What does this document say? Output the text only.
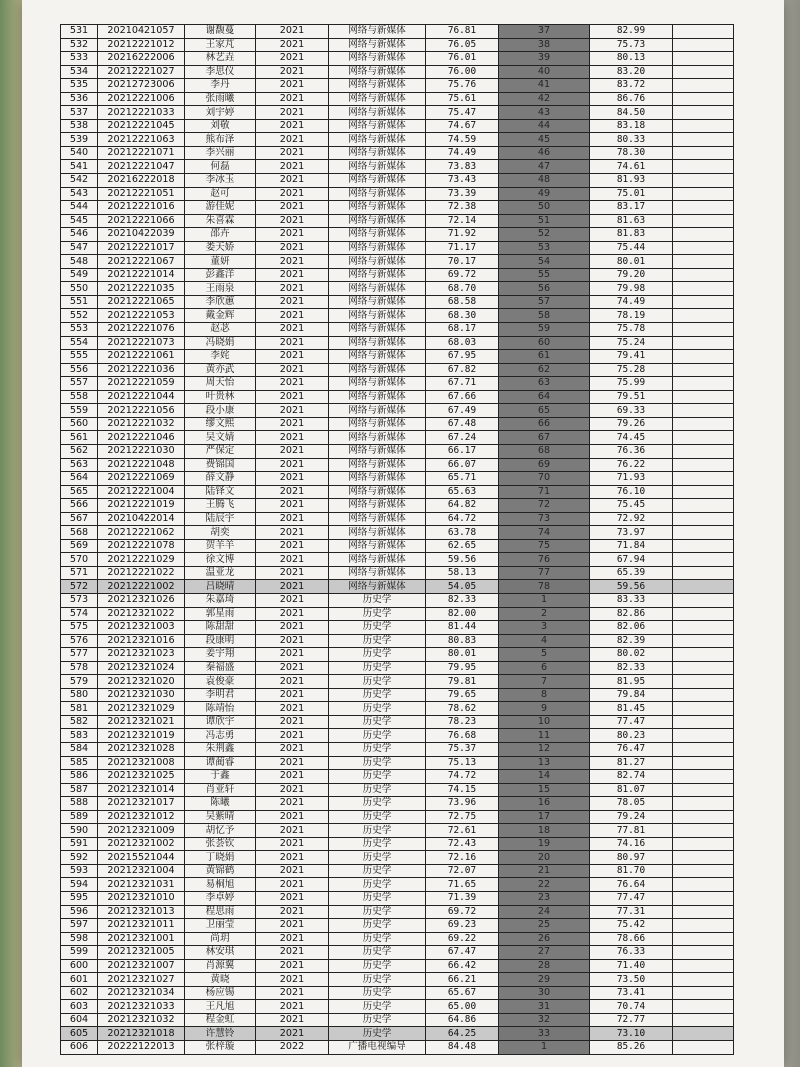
531	20210421057	谢馥蔓	2021	网络与新媒体	76.81	37	82.99	
532	20212221012	王家芃	2021	网络与新媒体	76.05	38	75.73	
533	20216222006	林艺垚	2021	网络与新媒体	76.01	39	80.13	
534	20212221027	李思仪	2021	网络与新媒体	76.00	40	83.20	
535	20212723006	李丹	2021	网络与新媒体	75.76	41	83.72	
536	20212221006	张雨曦	2021	网络与新媒体	75.61	42	86.76	
537	20212221033	刘宇婷	2021	网络与新媒体	75.47	43	84.50	
538	20212221045	刘敬	2021	网络与新媒体	74.67	44	83.18	
539	20212221063	熊布泽	2021	网络与新媒体	74.59	45	80.33	
540	20212221071	李兴丽	2021	网络与新媒体	74.49	46	78.30	
541	20212221047	何磊	2021	网络与新媒体	73.83	47	74.61	
542	20216222018	李冰玉	2021	网络与新媒体	73.43	48	81.93	
543	20212221051	赵可	2021	网络与新媒体	73.39	49	75.01	
544	20212221016	游佳妮	2021	网络与新媒体	72.38	50	83.17	
545	20212221066	朱喜霖	2021	网络与新媒体	72.14	51	81.63	
546	20210422039	邵卉	2021	网络与新媒体	71.92	52	81.83	
547	20212221017	娄天娇	2021	网络与新媒体	71.17	53	75.44	
548	20212221067	董妍	2021	网络与新媒体	70.17	54	80.01	
549	20212221014	彭鑫洋	2021	网络与新媒体	69.72	55	79.20	
550	20212221035	王雨泉	2021	网络与新媒体	68.70	56	79.98	
551	20212221065	李欣蕙	2021	网络与新媒体	68.58	57	74.49	
552	20212221053	戴金辉	2021	网络与新媒体	68.30	58	78.19	
553	20212221076	赵苾	2021	网络与新媒体	68.17	59	75.78	
554	20212221073	冯晓娟	2021	网络与新媒体	68.03	60	75.24	
555	20212221061	李姹	2021	网络与新媒体	67.95	61	79.41	
556	20212221036	黄亦武	2021	网络与新媒体	67.82	62	75.28	
557	20212221059	周天怡	2021	网络与新媒体	67.71	63	75.99	
558	20212221044	叶贵林	2021	网络与新媒体	67.66	64	79.51	
559	20212221056	段小康	2021	网络与新媒体	67.49	65	69.33	
560	20212221032	缪文熙	2021	网络与新媒体	67.48	66	79.26	
561	20212221046	吴文婧	2021	网络与新媒体	67.24	67	74.45	
562	20212221030	严保定	2021	网络与新媒体	66.17	68	76.36	
563	20212221048	费锦国	2021	网络与新媒体	66.07	69	76.22	
564	20212221069	薛文静	2021	网络与新媒体	65.71	70	71.93	
565	20212221004	陆铎文	2021	网络与新媒体	65.63	71	76.10	
566	20212221019	王腾飞	2021	网络与新媒体	64.82	72	75.45	
567	20210422014	陆辰宇	2021	网络与新媒体	64.72	73	72.92	
568	20212221062	胡奕	2021	网络与新媒体	63.78	74	73.97	
569	20212221078	贺羊羊	2021	网络与新媒体	62.65	75	71.84	
570	20212221029	徐文博	2021	网络与新媒体	59.56	76	67.94	
571	20212221022	温亚龙	2021	网络与新媒体	58.13	77	65.39	
572	20212221002	吕晓晴	2021	网络与新媒体	54.05	78	59.56	
573	20212321026	朱嘉琦	2021	历史学	82.33	1	83.33	
574	20212321022	郭星雨	2021	历史学	82.00	2	82.86	
575	20212321003	陈甜甜	2021	历史学	81.44	3	82.06	
576	20212321016	段康明	2021	历史学	80.83	4	82.39	
577	20212321023	姜宇翔	2021	历史学	80.01	5	80.02	
578	20212321024	秦福盛	2021	历史学	79.95	6	82.33	
579	20212321020	袁俊豪	2021	历史学	79.81	7	81.95	
580	20212321030	李明君	2021	历史学	79.65	8	79.84	
581	20212321029	陈靖怡	2021	历史学	78.62	9	81.45	
582	20212321021	谭欣宇	2021	历史学	78.23	10	77.47	
583	20212321019	冯志勇	2021	历史学	76.68	11	80.23	
584	20212321028	朱荆鑫	2021	历史学	75.37	12	76.47	
585	20212321008	谭蔺睿	2021	历史学	75.13	13	81.27	
586	20212321025	于鑫	2021	历史学	74.72	14	82.74	
587	20212321014	肖亚轩	2021	历史学	74.15	15	81.07	
588	20212321017	陈曦	2021	历史学	73.96	16	78.05	
589	20212321012	吴紫晴	2021	历史学	72.75	17	79.24	
590	20212321009	胡忆予	2021	历史学	72.61	18	77.81	
591	20212321002	张荟钦	2021	历史学	72.43	19	74.16	
592	20215521044	丁晓娟	2021	历史学	72.16	20	80.97	
593	20212321004	黄锦鹤	2021	历史学	72.07	21	81.70	
594	20212321031	易桐旭	2021	历史学	71.65	22	76.64	
595	20212321010	李卓婷	2021	历史学	71.39	23	77.47	
596	20212321013	程思雨	2021	历史学	69.72	24	77.31	
597	20212321011	卫丽莹	2021	历史学	69.23	25	75.42	
598	20212321001	尚玥	2021	历史学	69.22	26	78.66	
599	20212321005	林安琪	2021	历史学	67.47	27	76.33	
600	20212321007	肖源翼	2021	历史学	66.42	28	71.40	
601	20212321027	黄晓	2021	历史学	66.21	29	73.50	
602	20212321034	杨应锡	2021	历史学	65.67	30	73.41	
603	20212321033	王凡旭	2021	历史学	65.00	31	70.74	
604	20212321032	程金虹	2021	历史学	64.86	32	72.77	
605	20212321018	许慧铃	2021	历史学	64.25	33	73.10	
606	20222122013	张梓璇	2022	广播电视编导	84.48	1	85.26	
